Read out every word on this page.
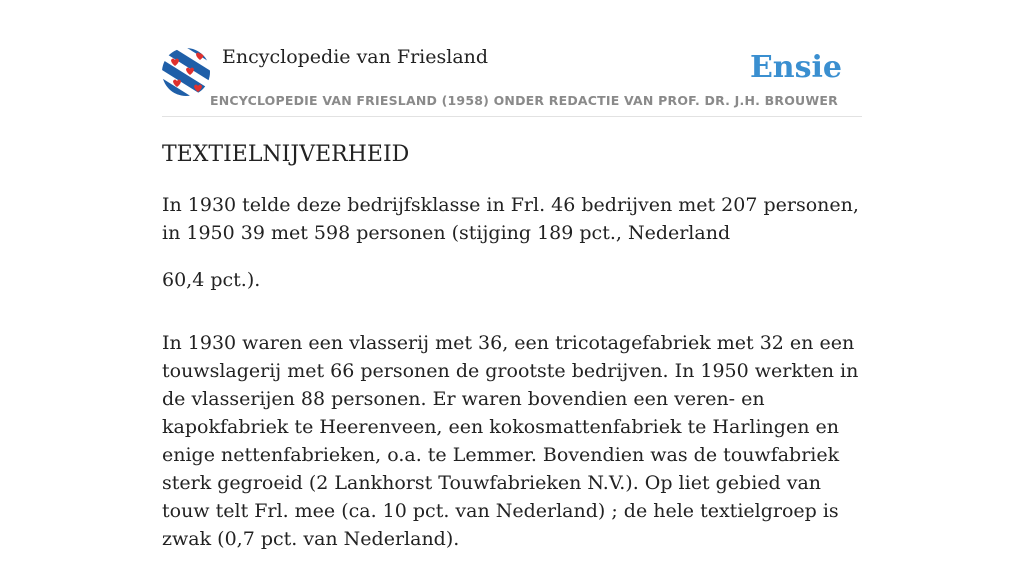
Encyclopedie van Friesland
ENCYCLOPEDIE VAN FRIESLAND (1958) ONDER REDACTIE VAN PROF. DR. J.H. BROUWER
Ensie
TEXTIELNIJVERHEID

In 1930 telde deze bedrijfsklasse in Frl. 46 bedrijven met 207 personen, in 1950 39 met 598 personen (stijging 189 pct., Nederland

60,4 pct.).

In 1930 waren een vlasserij met 36, een tricotagefabriek met 32 en een touwslagerij met 66 personen de grootste bedrijven. In 1950 werkten in de vlasserijen 88 personen. Er waren bovendien een veren- en kapokfabriek te Heerenveen, een kokosmattenfabriek te Harlingen en enige nettenfabrieken, o.a. te Lemmer. Bovendien was de touwfabriek sterk gegroeid (2 Lankhorst Touwfabrieken N.V.). Op liet gebied van touw telt Frl. mee (ca. 10 pct. van Nederland) ; de hele textielgroep is zwak (0,7 pct. van Nederland).
